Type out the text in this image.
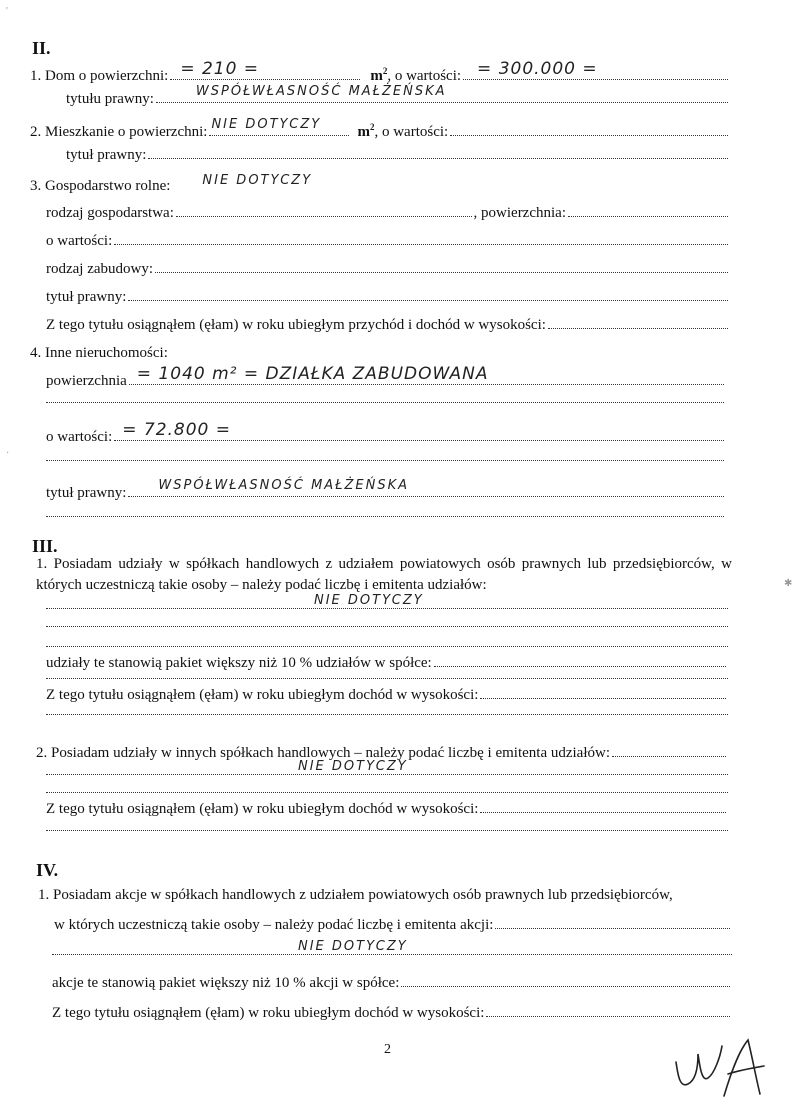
'
·
✱
II.
1. Dom o powierzchni: = 210 =	$m^2$ , o wartości: = 300.000 =
tytułu prawny:	WSPÓŁWŁASNOŚĆ MAŁŻEŃSKA
2. Mieszkanie o powierzchni: NIE DOTYCZY $m^2$ , o wartości:
tytuł prawny:
3. Gospodarstwo rolne: NIE DOTYCZY
rodzaj gospodarstwa:	, powierzchnia:
o wartości:
rodzaj zabudowy:
tytuł prawny:
Z tego tytułu osiągnąłem (ęłam) w roku ubiegłym przychód i dochód w wysokości:
4. Inne nieruchomości:
powierzchnia = 1040 m² = DZIAŁKA ZABUDOWANA
o wartości: = 72.800 =
tytuł prawny: WSPÓŁWŁASNOŚĆ MAŁŻEŃSKA
III.
1. Posiadam udziały w spółkach handlowych z udziałem powiatowych osób prawnych lub przedsiębiorców, w których uczestniczą takie osoby – należy podać liczbę i emitenta udziałów:
NIE DOTYCZY
udziały te stanowią pakiet większy niż 10 % udziałów w spółce:
Z tego tytułu osiągnąłem (ęłam) w roku ubiegłym dochód w wysokości:
2. Posiadam udziały w innych spółkach handlowych – należy podać liczbę i emitenta udziałów:
NIE DOTYCZY
Z tego tytułu osiągnąłem (ęłam) w roku ubiegłym dochód w wysokości:
IV.
1. Posiadam akcje w spółkach handlowych z udziałem powiatowych osób prawnych lub przedsiębiorców,
w których uczestniczą takie osoby – należy podać liczbę i emitenta akcji:
NIE DOTYCZY
akcje te stanowią pakiet większy niż 10 % akcji w spółce:
Z tego tytułu osiągnąłem (ęłam) w roku ubiegłym dochód w wysokości:
2
